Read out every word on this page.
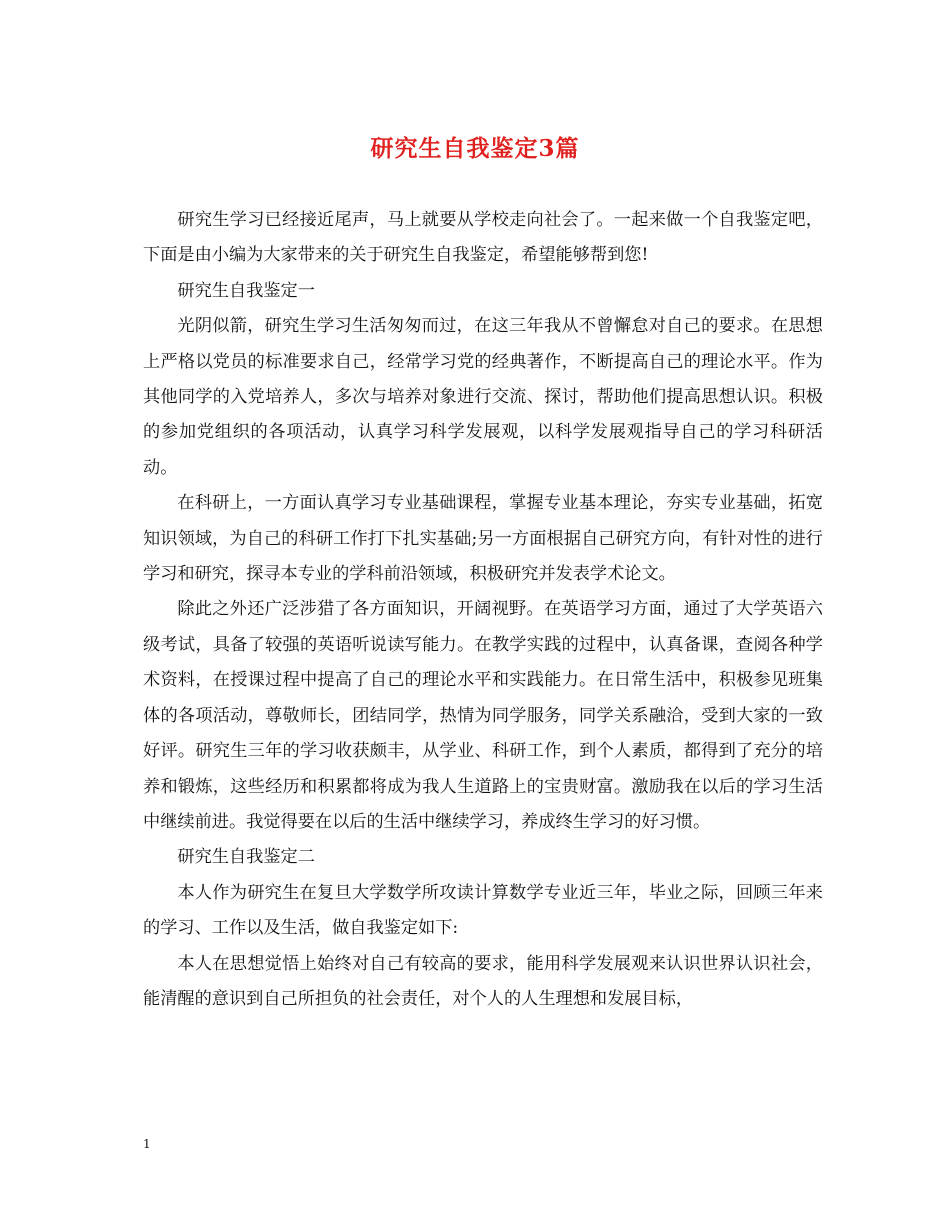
研究生自我鉴定3篇

研究生学习已经接近尾声，马上就要从学校走向社会了。一起来做一个自我鉴定吧，下面是由小编为大家带来的关于研究生自我鉴定，希望能够帮到您!

研究生自我鉴定一

光阴似箭，研究生学习生活匆匆而过，在这三年我从不曾懈怠对自己的要求。在思想上严格以党员的标准要求自己，经常学习党的经典著作，不断提高自己的理论水平。作为其他同学的入党培养人，多次与培养对象进行交流、探讨，帮助他们提高思想认识。积极的参加党组织的各项活动，认真学习科学发展观，以科学发展观指导自己的学习科研活动。

在科研上，一方面认真学习专业基础课程，掌握专业基本理论，夯实专业基础，拓宽知识领域，为自己的科研工作打下扎实基础;另一方面根据自己研究方向，有针对性的进行学习和研究，探寻本专业的学科前沿领域，积极研究并发表学术论文。

除此之外还广泛涉猎了各方面知识，开阔视野。在英语学习方面，通过了大学英语六级考试，具备了较强的英语听说读写能力。在教学实践的过程中，认真备课，查阅各种学术资料，在授课过程中提高了自己的理论水平和实践能力。在日常生活中，积极参见班集体的各项活动，尊敬师长，团结同学，热情为同学服务，同学关系融洽，受到大家的一致好评。研究生三年的学习收获颇丰，从学业、科研工作，到个人素质，都得到了充分的培养和锻炼，这些经历和积累都将成为我人生道路上的宝贵财富。激励我在以后的学习生活中继续前进。我觉得要在以后的生活中继续学习，养成终生学习的好习惯。

研究生自我鉴定二

本人作为研究生在复旦大学数学所攻读计算数学专业近三年，毕业之际，回顾三年来的学习、工作以及生活，做自我鉴定如下:

本人在思想觉悟上始终对自己有较高的要求，能用科学发展观来认识世界认识社会，能清醒的意识到自己所担负的社会责任，对个人的人生理想和发展目标，

1
